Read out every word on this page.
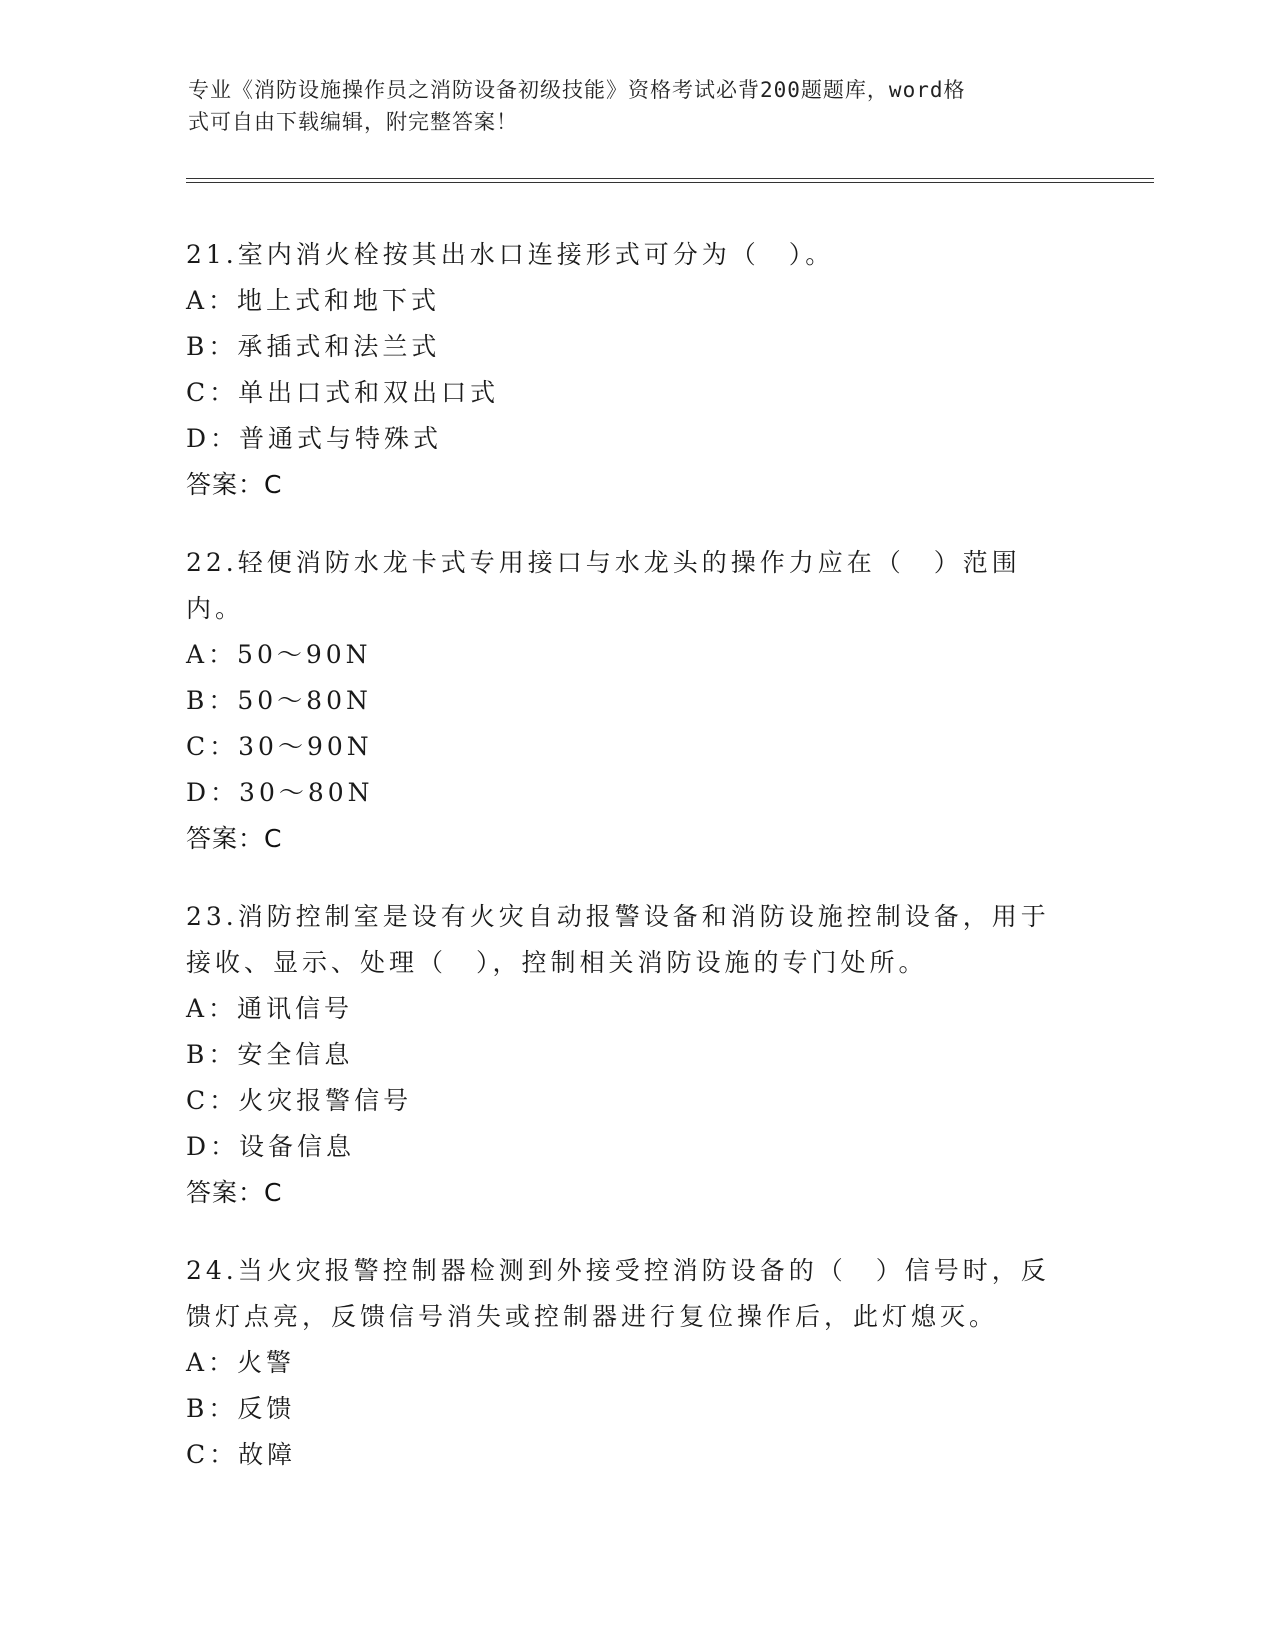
专业《消防设施操作员之消防设备初级技能》资格考试必背200题题库，word格
式可自由下载编辑，附完整答案！
21.室内消火栓按其出水口连接形式可分为（　）。
A：地上式和地下式
B：承插式和法兰式
C：单出口式和双出口式
D：普通式与特殊式
答案：C
22.轻便消防水龙卡式专用接口与水龙头的操作力应在（　）范围内。
A：50～90N
B：50～80N
C：30～90N
D：30～80N
答案：C
23.消防控制室是设有火灾自动报警设备和消防设施控制设备，用于接收、显示、处理（　），控制相关消防设施的专门处所。
A：通讯信号
B：安全信息
C：火灾报警信号
D：设备信息
答案：C
24.当火灾报警控制器检测到外接受控消防设备的（　）信号时，反馈灯点亮，反馈信号消失或控制器进行复位操作后，此灯熄灭。
A：火警
B：反馈
C：故障
